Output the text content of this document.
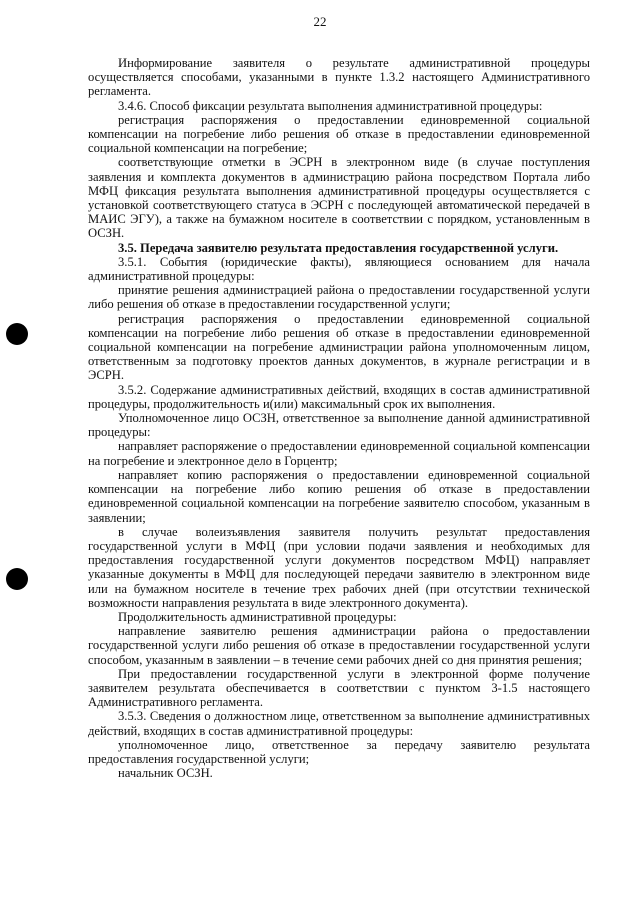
22

Информирование заявителя о результате административной процедуры осуществляется способами, указанными в пункте 1.3.2 настоящего Административного регламента.

3.4.6. Способ фиксации результата выполнения административной процедуры:

регистрация распоряжения о предоставлении единовременной социальной компенсации на погребение либо решения об отказе в предоставлении единовременной социальной компенсации на погребение;

соответствующие отметки в ЭСРН в электронном виде (в случае поступления заявления и комплекта документов в администрацию района посредством Портала либо МФЦ фиксация результата выполнения административной процедуры осуществляется с установкой соответствующего статуса в ЭСРН с последующей автоматической передачей в МАИС ЭГУ), а также на бумажном носителе в соответствии с порядком, установленным в ОСЗН.

3.5. Передача заявителю результата предоставления государственной услуги.

3.5.1. События (юридические факты), являющиеся основанием для начала административной процедуры:

принятие решения администрацией района о предоставлении государственной услуги либо решения об отказе в предоставлении государственной услуги;

регистрация распоряжения о предоставлении единовременной социальной компенсации на погребение либо решения об отказе в предоставлении единовременной социальной компенсации на погребение администрации района уполномоченным лицом, ответственным за подготовку проектов данных документов, в журнале регистрации и в ЭСРН.

3.5.2. Содержание административных действий, входящих в состав административной процедуры, продолжительность и(или) максимальный срок их выполнения.

Уполномоченное лицо ОСЗН, ответственное за выполнение данной административной процедуры:

направляет распоряжение о предоставлении единовременной социальной компенсации на погребение и электронное дело в Горцентр;

направляет копию распоряжения о предоставлении единовременной социальной компенсации на погребение либо копию решения об отказе в предоставлении единовременной социальной компенсации на погребение заявителю способом, указанным в заявлении;

в случае волеизъявления заявителя получить результат предоставления государственной услуги в МФЦ (при условии подачи заявления и необходимых для предоставления государственной услуги документов посредством МФЦ) направляет указанные документы в МФЦ для последующей передачи заявителю в электронном виде или на бумажном носителе в течение трех рабочих дней (при отсутствии технической возможности направления результата в виде электронного документа).

Продолжительность административной процедуры:

направление заявителю решения администрации района о предоставлении государственной услуги либо решения об отказе в предоставлении государственной услуги способом, указанным в заявлении – в течение семи рабочих дней со дня принятия решения;

При предоставлении государственной услуги в электронной форме получение заявителем результата обеспечивается в соответствии с пунктом 3-1.5 настоящего Административного регламента.

3.5.3. Сведения о должностном лице, ответственном за выполнение административных действий, входящих в состав административной процедуры:

уполномоченное лицо, ответственное за передачу заявителю результата предоставления государственной услуги;

начальник ОСЗН.
